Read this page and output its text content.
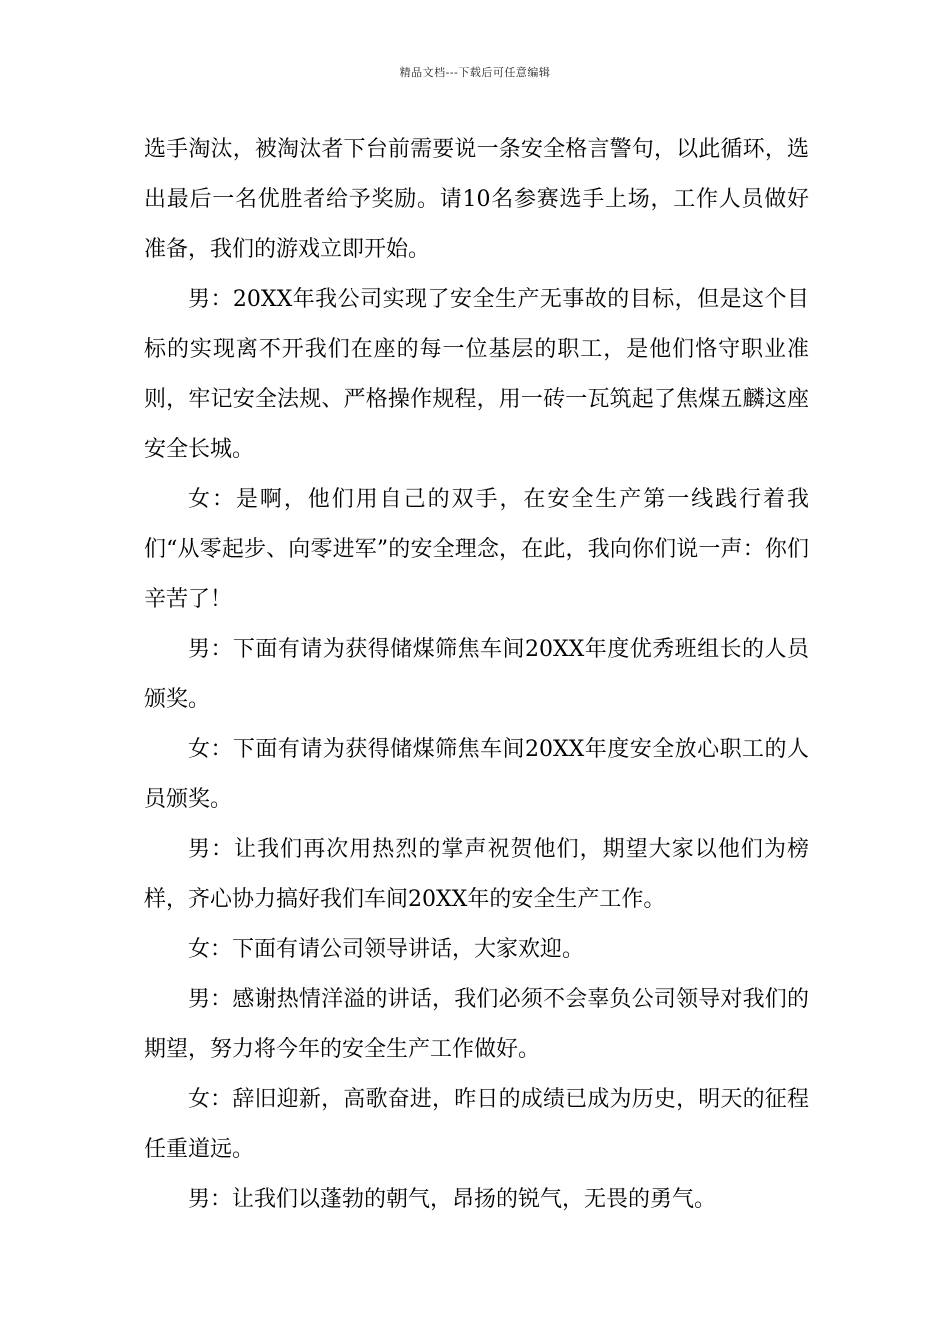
精品文档---下载后可任意编辑

选手淘汰，被淘汰者下台前需要说一条安全格言警句，以此循环，选出最后一名优胜者给予奖励。请10名参赛选手上场，工作人员做好准备，我们的游戏立即开始。

男：20XX年我公司实现了安全生产无事故的目标，但是这个目标的实现离不开我们在座的每一位基层的职工，是他们恪守职业准则，牢记安全法规、严格操作规程，用一砖一瓦筑起了焦煤五麟这座安全长城。

女：是啊，他们用自己的双手，在安全生产第一线践行着我们“从零起步、向零进军”的安全理念，在此，我向你们说一声：你们辛苦了！

男：下面有请为获得储煤筛焦车间20XX年度优秀班组长的人员颁奖。

女：下面有请为获得储煤筛焦车间20XX年度安全放心职工的人员颁奖。

男：让我们再次用热烈的掌声祝贺他们，期望大家以他们为榜样，齐心协力搞好我们车间20XX年的安全生产工作。

女：下面有请公司领导讲话，大家欢迎。

男：感谢热情洋溢的讲话，我们必须不会辜负公司领导对我们的期望，努力将今年的安全生产工作做好。

女：辞旧迎新，高歌奋进，昨日的成绩已成为历史，明天的征程任重道远。

男：让我们以蓬勃的朝气，昂扬的锐气，无畏的勇气。
